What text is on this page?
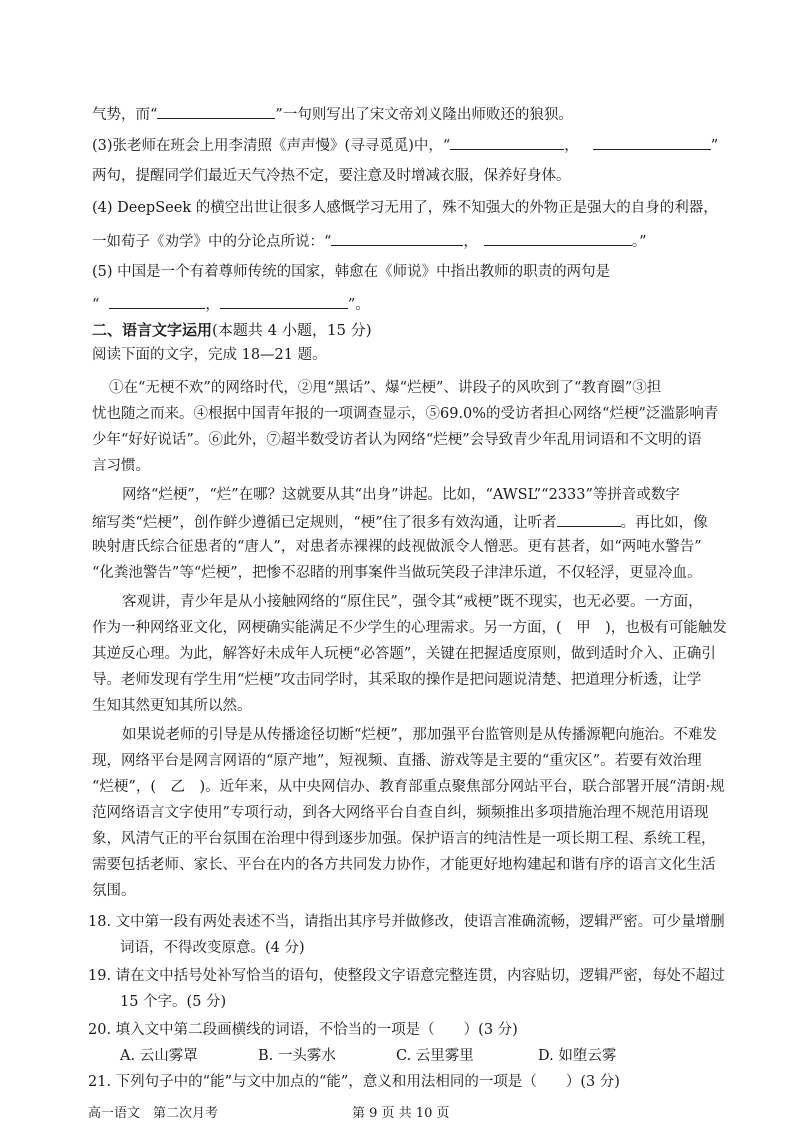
气势，而“	”一句则写出了宋文帝刘义隆出师败还的狼狈。
(3)张老师在班会上用李清照《声声慢》(寻寻觅觅)中，“	，	”
两句，提醒同学们最近天气冷热不定，要注意及时增减衣服，保养好身体。
(4) DeepSeek 的横空出世让很多人感慨学习无用了，殊不知强大的外物正是强大的自身的利器，
一如荀子《劝学》中的分论点所说：“	，	。”
(5) 中国是一个有着尊师传统的国家，韩愈在《师说》中指出教师的职责的两句是
“	，	”。
二、语言文字运用(本题共 4 小题，15 分)
阅读下面的文字，完成 18—21 题。
①在“无梗不欢”的网络时代，②甩“黑话”、爆“烂梗”、讲段子的风吹到了“教育圈”③担
忧也随之而来。④根据中国青年报的一项调查显示，⑤69.0%的受访者担心网络“烂梗”泛滥影响青
少年“好好说话”。⑥此外，⑦超半数受访者认为网络“烂梗”会导致青少年乱用词语和不文明的语
言习惯。
网络“烂梗”，“烂”在哪？这就要从其“出身”讲起。比如，“AWSL”“2333”等拼音或数字
缩写类“烂梗”，创作鲜少遵循已定规则，“梗”住了很多有效沟通，让听者	。再比如，像
映射唐氏综合征患者的“唐人”，对患者赤裸裸的歧视做派令人憎恶。更有甚者，如“两吨水警告”
“化粪池警告”等“烂梗”，把惨不忍睹的刑事案件当做玩笑段子津津乐道，不仅轻浮，更显冷血。
客观讲，青少年是从小接触网络的“原住民”，强令其“戒梗”既不现实，也无必要。一方面，
作为一种网络亚文化，网梗确实能满足不少学生的心理需求。另一方面，(　甲　)，也极有可能触发
其逆反心理。为此，解答好未成年人玩梗“必答题”，关键在把握适度原则，做到适时介入、正确引
导。老师发现有学生用“烂梗”攻击同学时，其采取的操作是把问题说清楚、把道理分析透，让学
生知其然更知其所以然。
如果说老师的引导是从传播途径切断“烂梗”，那加强平台监管则是从传播源靶向施治。不难发
现，网络平台是网言网语的“原产地”，短视频、直播、游戏等是主要的“重灾区”。若要有效治理
“烂梗”，(　乙　)。近年来，从中央网信办、教育部重点聚焦部分网站平台，联合部署开展“清朗·规
范网络语言文字使用”专项行动，到各大网络平台自查自纠，频频推出多项措施治理不规范用语现
象，风清气正的平台氛围在治理中得到逐步加强。保护语言的纯洁性是一项长期工程、系统工程，
需要包括老师、家长、平台在内的各方共同发力协作，才能更好地构建起和谐有序的语言文化生活
氛围。
18. 文中第一段有两处表述不当，请指出其序号并做修改，使语言准确流畅，逻辑严密。可少量增删
词语，不得改变原意。(4 分)
19. 请在文中括号处补写恰当的语句，使整段文字语意完整连贯，内容贴切，逻辑严密，每处不超过
15 个字。(5 分)
20. 填入文中第二段画横线的词语，不恰当的一项是（　　）(3 分)
A. 云山雾罩	B. 一头雾水	C. 云里雾里	D. 如堕云雾
21. 下列句子中的“能”与文中加点的“能”，意义和用法相同的一项是（　　）(3 分)
高一语文　第二次月考	第 9 页 共 10 页
